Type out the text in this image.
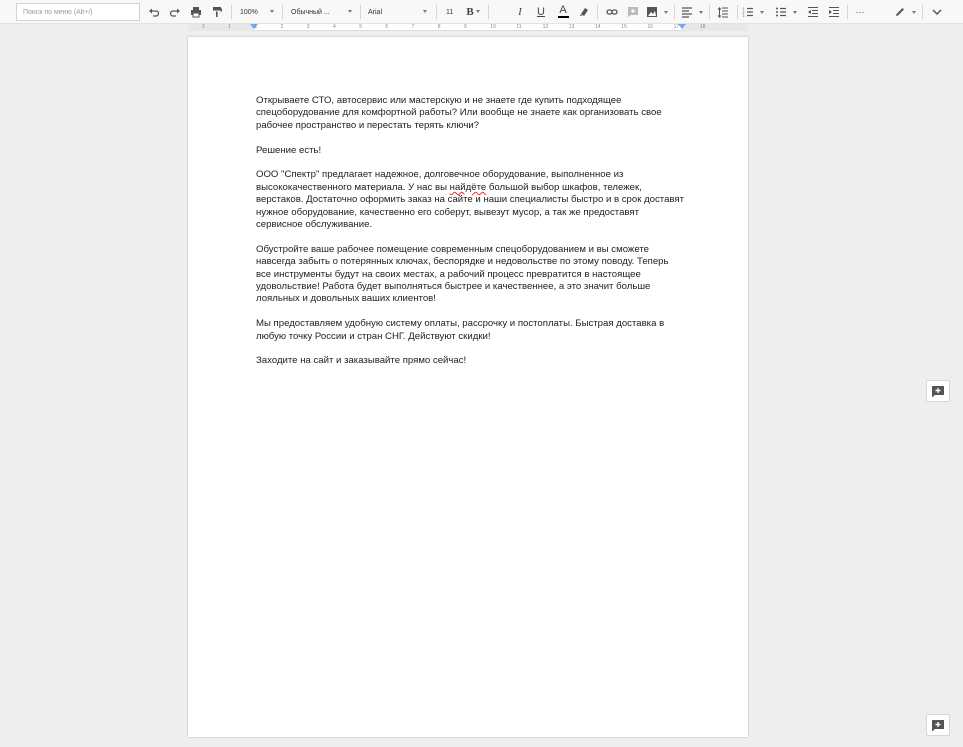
Поиск по меню (Alt+/)	100%	Обычный ...	Arial	11 B	I U A	1
2
3	···
2	1	1	2	3	4	5	6	7	8	9	10	11	12	13	14	15	16	17	18

Открываете СТО, автосервис или мастерскую и не знаете где купить подходящее спецоборудование для комфортной работы? Или вообще не знаете как организовать свое рабочее пространство и перестать терять ключи?

Решение есть!

ООО "Спектр" предлагает надежное, долговечное оборудование, выполненное из высококачественного материала. У нас вы найдёте большой выбор шкафов, тележек, верстаков. Достаточно оформить заказ на сайте и наши специалисты быстро и в срок доставят нужное оборудование, качественно его соберут, вывезут мусор, а так же предоставят сервисное обслуживание.

Обустройте ваше рабочее помещение современным спецоборудованием и вы сможете навсегда забыть о потерянных ключах, беспорядке и недовольстве по этому поводу. Теперь все инструменты будут на своих местах, а рабочий процесс превратится в настоящее удовольствие! Работа будет выполняться быстрее и качественнее, а это значит больше лояльных и довольных ваших клиентов!

Мы предоставляем удобную систему оплаты, рассрочку и постоплаты. Быстрая доставка в любую точку России и стран СНГ. Действуют скидки!

Заходите на сайт и заказывайте прямо сейчас!
